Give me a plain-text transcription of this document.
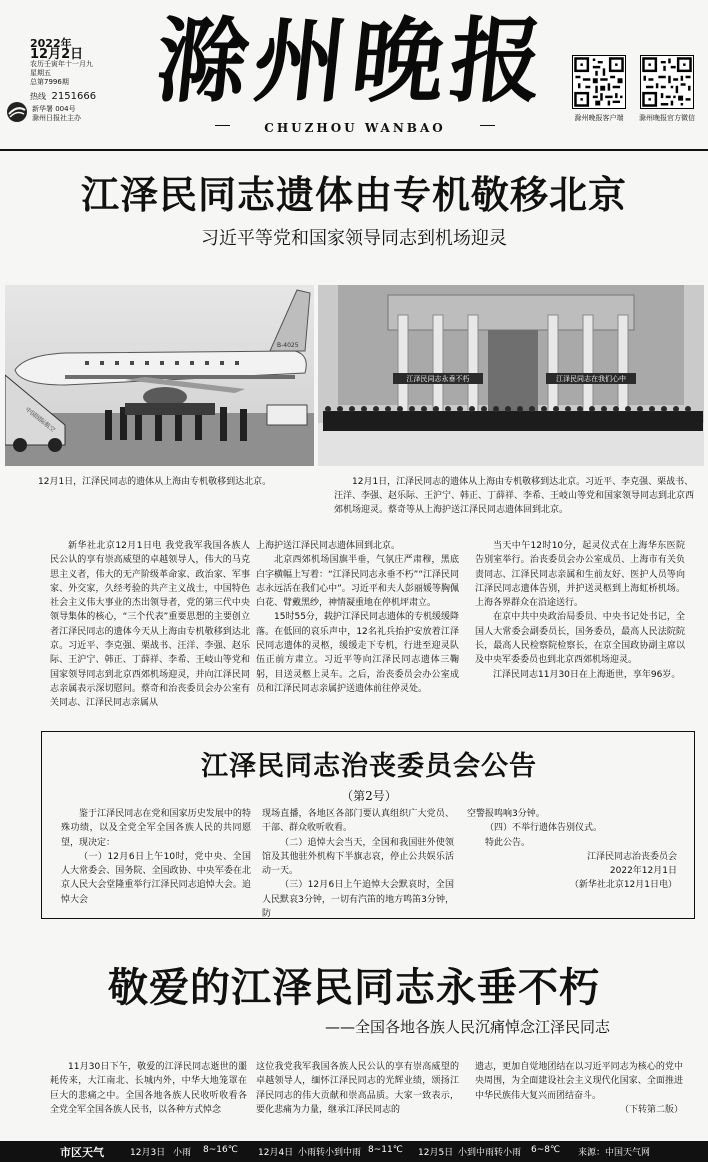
2022年
12月2日
农历壬寅年十一月九
星期五
总第7996期
热线 2151666
新华署 004号
滁州日报社主办
滁州晚报
CHUZHOU WANBAO
滁州晚报客户端	滁州晚报官方微信
江泽民同志遗体由专机敬移北京
习近平等党和国家领导同志到机场迎灵
B-4025
中国国际航空
江泽民同志永垂不朽	江泽民同志在我们心中
12月1日，江泽民同志的遗体从上海由专机敬移到达北京。	12月1日，江泽民同志的遗体从上海由专机敬移到达北京。习近平、李克强、栗战书、汪洋、李强、赵乐际、王沪宁、韩正、丁薛祥、李希、王岐山等党和国家领导同志到北京西郊机场迎灵。蔡奇等从上海护送江泽民同志遗体回到北京。

新华社北京12月1日电 我党我军我国各族人民公认的享有崇高威望的卓越领导人，伟大的马克思主义者，伟大的无产阶级革命家、政治家、军事家、外交家，久经考验的共产主义战士，中国特色社会主义伟大事业的杰出领导者，党的第三代中央领导集体的核心，“三个代表”重要思想的主要创立者江泽民同志的遗体今天从上海由专机敬移到达北京。习近平、李克强、栗战书、汪洋、李强、赵乐际、王沪宁、韩正、丁薛祥、李希、王岐山等党和国家领导同志到北京西郊机场迎灵，并向江泽民同志亲属表示深切慰问。蔡奇和治丧委员会办公室有关同志、江泽民同志亲属从

上海护送江泽民同志遗体回到北京。

北京西郊机场国旗半垂，气氛庄严肃穆，黑底白字横幅上写着：“江泽民同志永垂不朽”“江泽民同志永远活在我们心中”。习近平和夫人彭丽媛等胸佩白花、臂戴黑纱，神情凝重地在停机坪肃立。

15时55分，载护江泽民同志遗体的专机缓缓降落。在低回的哀乐声中，12名礼兵抬护安放着江泽民同志遗体的灵柩，缓缓走下专机，行进至迎灵队伍正前方肃立。习近平等向江泽民同志遗体三鞠躬，目送灵柩上灵车。之后，治丧委员会办公室成员和江泽民同志亲属护送遗体前往停灵处。

当天中午12时10分，起灵仪式在上海华东医院告别室举行。治丧委员会办公室成员、上海市有关负责同志、江泽民同志亲属和生前友好、医护人员等向江泽民同志遗体告别，并护送灵柩到上海虹桥机场。上海各界群众在沿途送行。

在京中共中央政治局委员、中央书记处书记，全国人大常委会副委员长，国务委员，最高人民法院院长，最高人民检察院检察长，在京全国政协副主席以及中央军委委员也到北京西郊机场迎灵。

江泽民同志11月30日在上海逝世，享年96岁。

江泽民同志治丧委员会公告
（第2号）

鉴于江泽民同志在党和国家历史发展中的特殊功绩，以及全党全军全国各族人民的共同愿望，现决定：

（一）12月6日上午10时，党中央、全国人大常委会、国务院、全国政协、中央军委在北京人民大会堂隆重举行江泽民同志追悼大会。追悼大会

现场直播，各地区各部门要认真组织广大党员、干部、群众收听收看。

（二）追悼大会当天，全国和我国驻外使领馆及其他驻外机构下半旗志哀，停止公共娱乐活动一天。

（三）12月6日上午追悼大会默哀时，全国人民默哀3分钟，一切有汽笛的地方鸣笛3分钟，防

空警报鸣响3分钟。

（四）不举行遗体告别仪式。

特此公告。

江泽民同志治丧委员会
2022年12月1日
（新华社北京12月1日电）
敬爱的江泽民同志永垂不朽
——全国各地各族人民沉痛悼念江泽民同志

11月30日下午，敬爱的江泽民同志逝世的噩耗传来，大江南北、长城内外，中华大地笼罩在巨大的悲痛之中。全国各地各族人民收听收看各全党全军全国各族人民书，以各种方式悼念

这位我党我军我国各族人民公认的享有崇高威望的卓越领导人，缅怀江泽民同志的光辉业绩，颂扬江泽民同志的伟大贡献和崇高品质。大家一致表示，要化悲痛为力量，继承江泽民同志的

遗志，更加自觉地团结在以习近平同志为核心的党中央周围，为全面建设社会主义现代化国家、全面推进中华民族伟大复兴而团结奋斗。

（下转第二版）
市区天气	12月3日 小雨 8~16℃ 12月4日 小雨转小到中雨 8~11℃ 12月5日 小到中雨转小雨 6~8℃ 来源：中国天气网
